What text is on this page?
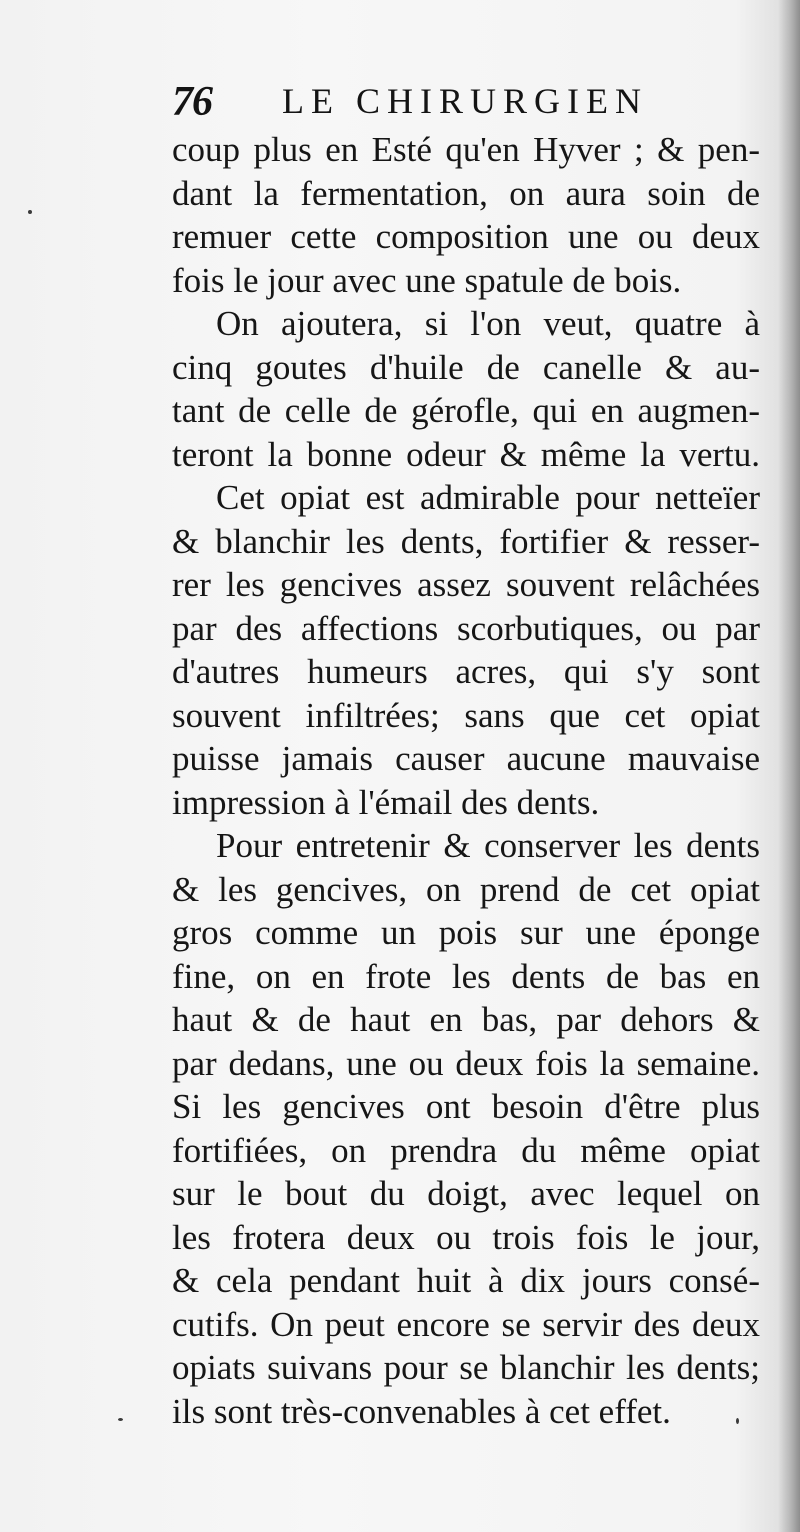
76 LE CHIRURGIEN
coup plus en Esté qu'en Hyver ; & pen-
dant la fermentation, on aura soin de
remuer cette composition une ou deux
fois le jour avec une spatule de bois.
On ajoutera, si l'on veut, quatre à
cinq goutes d'huile de canelle & au-
tant de celle de gérofle, qui en augmen-
teront la bonne odeur & même la vertu.
Cet opiat est admirable pour netteïer
& blanchir les dents, fortifier & resser-
rer les gencives assez souvent relâchées
par des affections scorbutiques, ou par
d'autres humeurs acres, qui s'y sont
souvent infiltrées; sans que cet opiat
puisse jamais causer aucune mauvaise
impression à l'émail des dents.
Pour entretenir & conserver les dents
& les gencives, on prend de cet opiat
gros comme un pois sur une éponge
fine, on en frote les dents de bas en
haut & de haut en bas, par dehors &
par dedans, une ou deux fois la semaine.
Si les gencives ont besoin d'être plus
fortifiées, on prendra du même opiat
sur le bout du doigt, avec lequel on
les frotera deux ou trois fois le jour,
& cela pendant huit à dix jours consé-
cutifs. On peut encore se servir des deux
opiats suivans pour se blanchir les dents;
ils sont très-convenables à cet effet.
